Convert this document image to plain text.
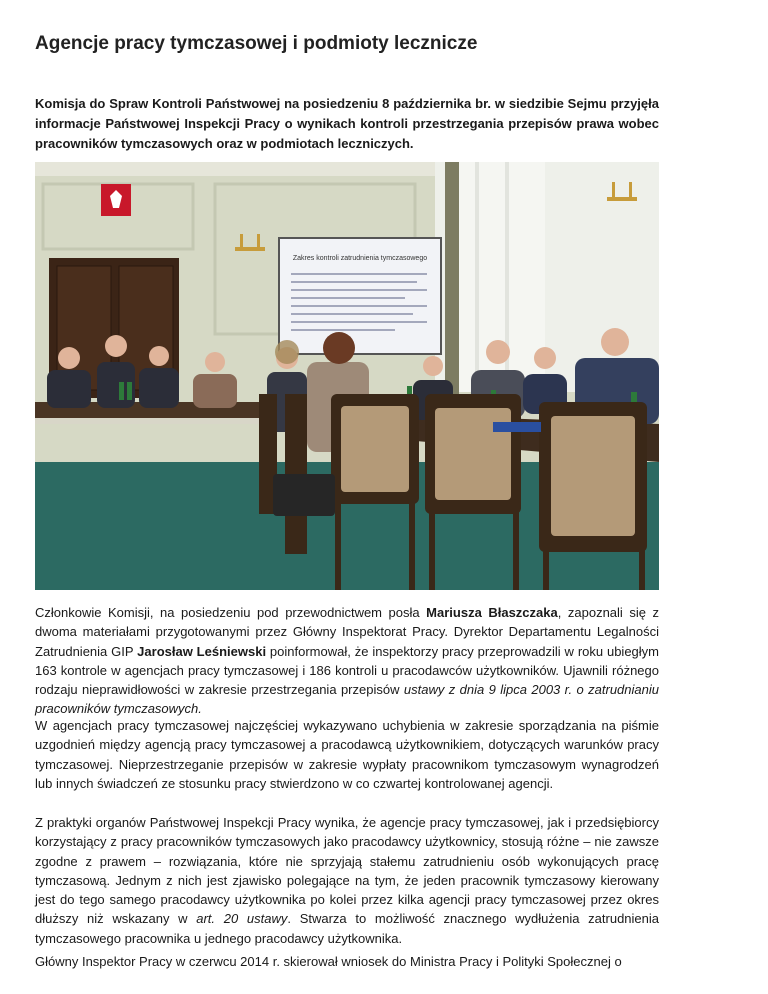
Agencje pracy tymczasowej i podmioty lecznicze

Komisja do Spraw Kontroli Państwowej na posiedzeniu 8 października br. w siedzibie Sejmu przyjęła informacje Państwowej Inspekcji Pracy o wynikach kontroli przestrzegania przepisów prawa wobec pracowników tymczasowych oraz w podmiotach leczniczych.

Zakres kontroli zatrudnienia tymczasowego

Członkowie Komisji, na posiedzeniu pod przewodnictwem posła Mariusza Błaszczaka, zapoznali się z dwoma materiałami przygotowanymi przez Główny Inspektorat Pracy. Dyrektor Departamentu Legalności Zatrudnienia GIP Jarosław Leśniewski poinformował, że inspektorzy pracy przeprowadzili w roku ubiegłym 163 kontrole w agencjach pracy tymczasowej i 186 kontroli u pracodawców użytkowników. Ujawnili różnego rodzaju nieprawidłowości w zakresie przestrzegania przepisów ustawy z dnia 9 lipca 2003 r. o zatrudnianiu pracowników tymczasowych.

W agencjach pracy tymczasowej najczęściej wykazywano uchybienia w zakresie sporządzania na piśmie uzgodnień między agencją pracy tymczasowej a pracodawcą użytkownikiem, dotyczących warunków pracy tymczasowej. Nieprzestrzeganie przepisów w zakresie wypłaty pracownikom tymczasowym wynagrodzeń lub innych świadczeń ze stosunku pracy stwierdzono w co czwartej kontrolowanej agencji.

Z praktyki organów Państwowej Inspekcji Pracy wynika, że agencje pracy tymczasowej, jak i przedsiębiorcy korzystający z pracy pracowników tymczasowych jako pracodawcy użytkownicy, stosują różne – nie zawsze zgodne z prawem – rozwiązania, które nie sprzyjają stałemu zatrudnieniu osób wykonujących pracę tymczasową. Jednym z nich jest zjawisko polegające na tym, że jeden pracownik tymczasowy kierowany jest do tego samego pracodawcy użytkownika po kolei przez kilka agencji pracy tymczasowej przez okres dłuższy niż wskazany w art. 20 ustawy. Stwarza to możliwość znacznego wydłużenia zatrudnienia tymczasowego pracownika u jednego pracodawcy użytkownika.

Główny Inspektor Pracy w czerwcu 2014 r. skierował wniosek do Ministra Pracy i Polityki Społecznej o
